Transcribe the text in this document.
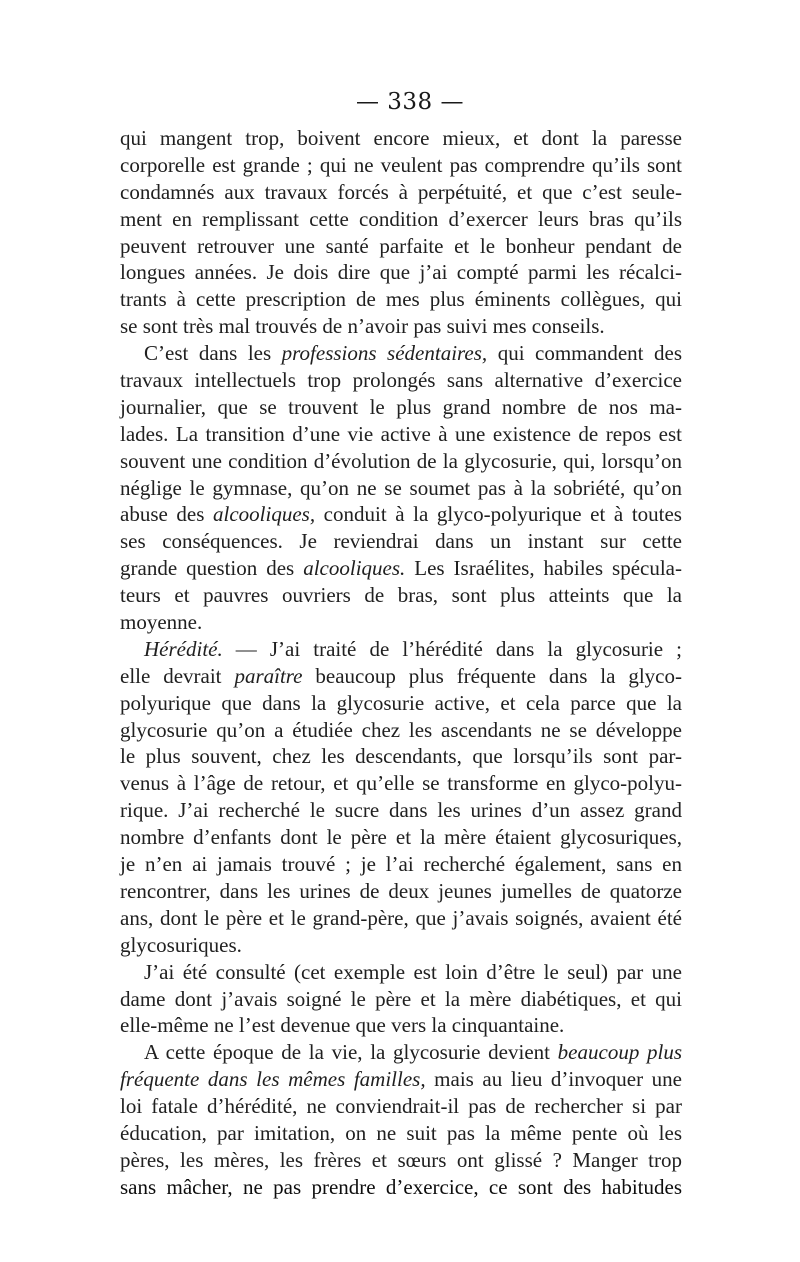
— 338 —
qui mangent trop, boivent encore mieux, et dont la paresse
corporelle est grande ; qui ne veulent pas comprendre qu’ils sont
condamnés aux travaux forcés à perpétuité, et que c’est seule-
ment en remplissant cette condition d’exercer leurs bras qu’ils
peuvent retrouver une santé parfaite et le bonheur pendant de
longues années. Je dois dire que j’ai compté parmi les récalci-
trants à cette prescription de mes plus éminents collègues, qui
se sont très mal trouvés de n’avoir pas suivi mes conseils.
C’est dans les professions sédentaires, qui commandent des
travaux intellectuels trop prolongés sans alternative d’exercice
journalier, que se trouvent le plus grand nombre de nos ma-
lades. La transition d’une vie active à une existence de repos est
souvent une condition d’évolution de la glycosurie, qui, lorsqu’on
néglige le gymnase, qu’on ne se soumet pas à la sobriété, qu’on
abuse des alcooliques, conduit à la glyco-polyurique et à toutes
ses conséquences. Je reviendrai dans un instant sur cette
grande question des alcooliques. Les Israélites, habiles spécula-
teurs et pauvres ouvriers de bras, sont plus atteints que la
moyenne.
Hérédité. — J’ai traité de l’hérédité dans la glycosurie ;
elle devrait paraître beaucoup plus fréquente dans la glyco-
polyurique que dans la glycosurie active, et cela parce que la
glycosurie qu’on a étudiée chez les ascendants ne se développe
le plus souvent, chez les descendants, que lorsqu’ils sont par-
venus à l’âge de retour, et qu’elle se transforme en glyco-polyu-
rique. J’ai recherché le sucre dans les urines d’un assez grand
nombre d’enfants dont le père et la mère étaient glycosuriques,
je n’en ai jamais trouvé ; je l’ai recherché également, sans en
rencontrer, dans les urines de deux jeunes jumelles de quatorze
ans, dont le père et le grand-père, que j’avais soignés, avaient été
glycosuriques.
J’ai été consulté (cet exemple est loin d’être le seul) par une
dame dont j’avais soigné le père et la mère diabétiques, et qui
elle-même ne l’est devenue que vers la cinquantaine.
A cette époque de la vie, la glycosurie devient beaucoup plus
fréquente dans les mêmes familles, mais au lieu d’invoquer une
loi fatale d’hérédité, ne conviendrait-il pas de rechercher si par
éducation, par imitation, on ne suit pas la même pente où les
pères, les mères, les frères et sœurs ont glissé ? Manger trop
sans mâcher, ne pas prendre d’exercice, ce sont des habitudes
